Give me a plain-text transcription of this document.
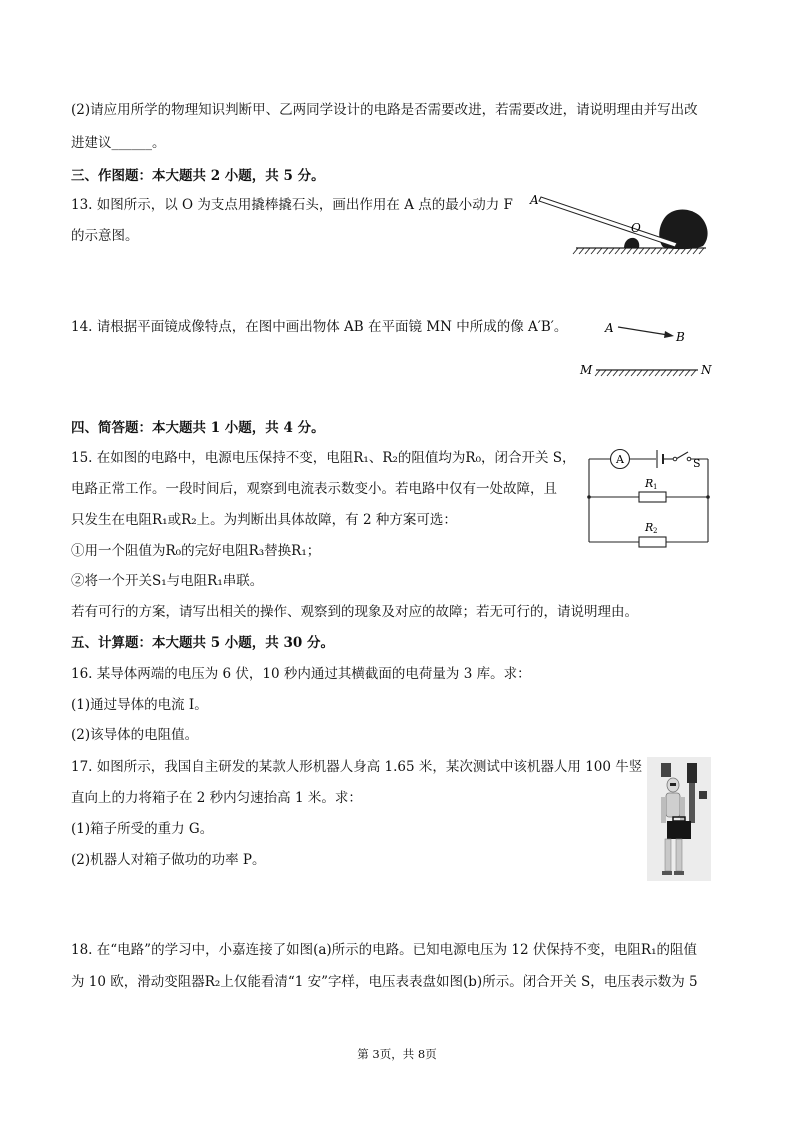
(2)请应用所学的物理知识判断甲、乙两同学设计的电路是否需要改进，若需要改进，请说明理由并写出改
进建议______。
三、作图题：本大题共 2 小题，共 5 分。
13. 如图所示，以 O 为支点用撬棒撬石头，画出作用在 A 点的最小动力 F
的示意图。
14. 请根据平面镜成像特点，在图中画出物体 AB 在平面镜 MN 中所成的像 A′B′。
四、简答题：本大题共 1 小题，共 4 分。
15. 在如图的电路中，电源电压保持不变，电阻R₁、R₂的阻值均为R₀，闭合开关 S，
电路正常工作。一段时间后，观察到电流表示数变小。若电路中仅有一处故障，且
只发生在电阻R₁或R₂上。为判断出具体故障，有 2 种方案可选：
①用一个阻值为R₀的完好电阻R₃替换R₁；
②将一个开关S₁与电阻R₁串联。
若有可行的方案，请写出相关的操作、观察到的现象及对应的故障；若无可行的，请说明理由。
五、计算题：本大题共 5 小题，共 30 分。
16. 某导体两端的电压为 6 伏，10 秒内通过其横截面的电荷量为 3 库。求：
(1)通过导体的电流 I。
(2)该导体的电阻值。
17. 如图所示，我国自主研发的某款人形机器人身高 1.65 米，某次测试中该机器人用 100 牛竖
直向上的力将箱子在 2 秒内匀速抬高 1 米。求：
(1)箱子所受的重力 G。
(2)机器人对箱子做功的功率 P。
18. 在“电路”的学习中，小嘉连接了如图(a)所示的电路。已知电源电压为 12 伏保持不变，电阻R₁的阻值
为 10 欧，滑动变阻器R₂上仅能看清“1 安”字样，电压表表盘如图(b)所示。闭合开关 S，电压表示数为 5
A
O
A
B
M	N
A	S
R 1
R 2
第 3页，共 8页
